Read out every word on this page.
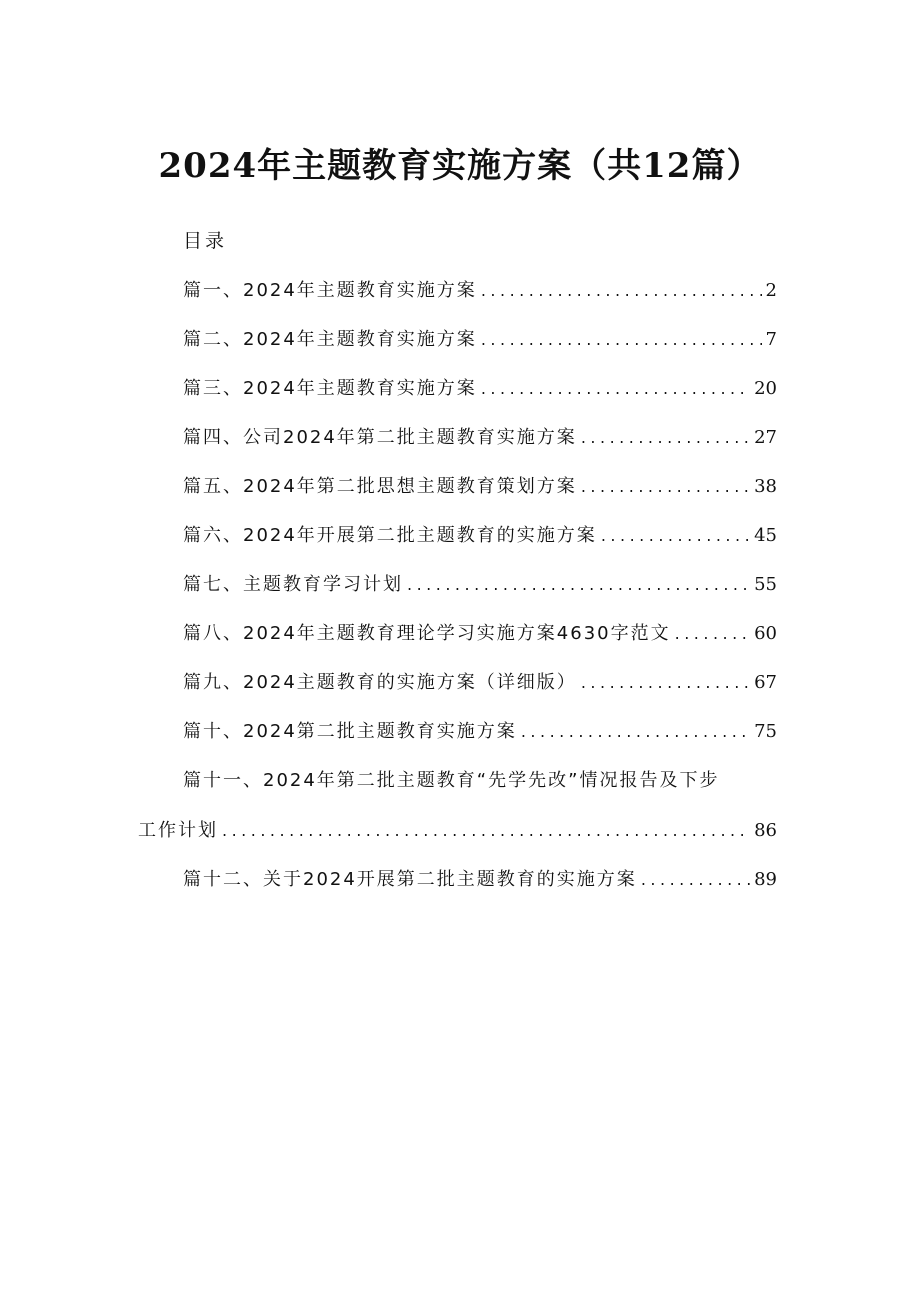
2024年主题教育实施方案（共12篇）
目录
篇一、2024年主题教育实施方案 .....	2
篇二、2024年主题教育实施方案 .....	7
篇三、2024年主题教育实施方案 .....	20
篇四、公司2024年第二批主题教育实施方案 .....	27
篇五、2024年第二批思想主题教育策划方案 .....	38
篇六、2024年开展第二批主题教育的实施方案 .....	45
篇七、主题教育学习计划 .....	55
篇八、2024年主题教育理论学习实施方案4630字范文 .....	60
篇九、2024主题教育的实施方案（详细版） .....	67
篇十、2024第二批主题教育实施方案 .....	75
篇十一、2024年第二批主题教育“先学先改”情况报告及下步
工作计划 .....	86
篇十二、关于2024开展第二批主题教育的实施方案 .....	89
